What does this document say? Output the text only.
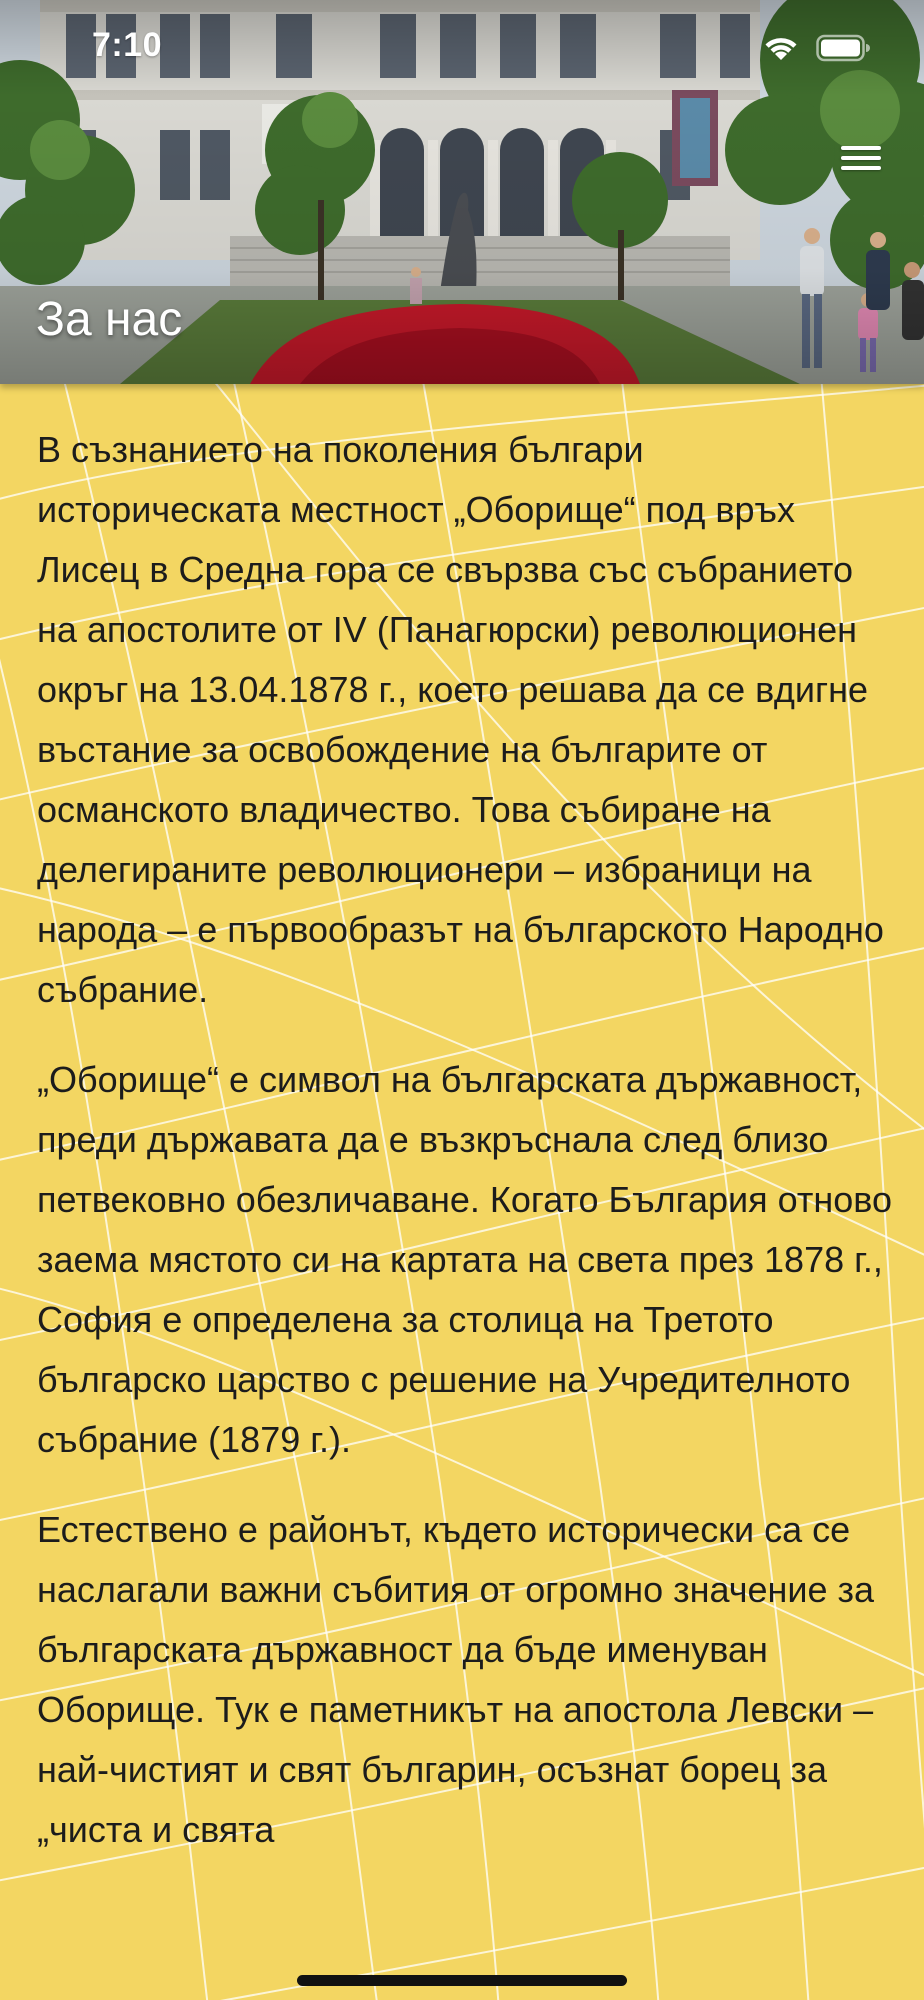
7:10
За нас

В съзнанието на поколения българи историческата местност „Оборище“ под връх Лисец в Средна гора се свързва със събранието на апостолите от IV (Панагюрски) революционен окръг на 13.04.1878 г., което решава да се вдигне въстание за освобождение на българите от османското владичество. Това събиране на делегираните революционери – избраници на народа – е първообразът на българското Народно събрание.

„Оборище“ е символ на българската държавност, преди държавата да е възкръснала след близо петвековно обезличаване. Когато България отново заема мястото си на картата на света през 1878 г., София е определена за столица на Третото българско царство с решение на Учредителното събрание (1879 г.).

Естествено е районът, където исторически са се наслагали важни събития от огромно значение за българската държавност да бъде именуван Оборище. Тук е паметникът на апостола Левски – най-чистият и свят българин, осъзнат борец за „чиста и свята
